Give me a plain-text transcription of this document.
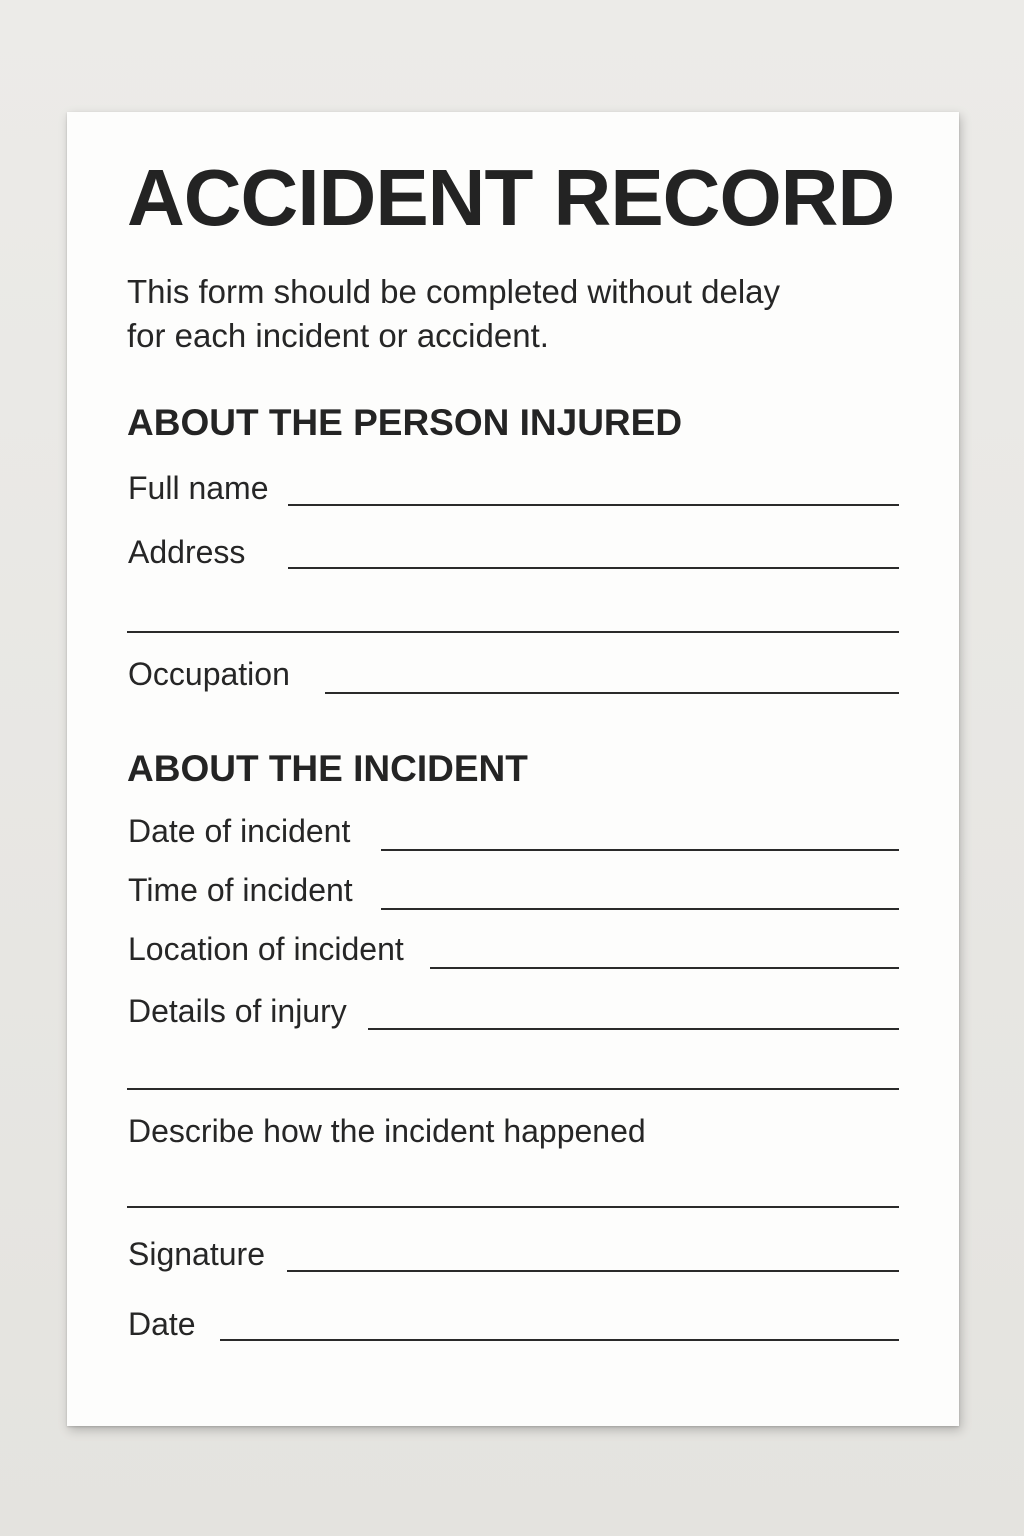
ACCIDENT RECORD
This form should be completed without delay
for each incident or accident.
ABOUT THE PERSON INJURED
Full name
Address
Occupation
ABOUT THE INCIDENT
Date of incident
Time of incident
Location of incident
Details of injury
Describe how the incident happened
Signature
Date
